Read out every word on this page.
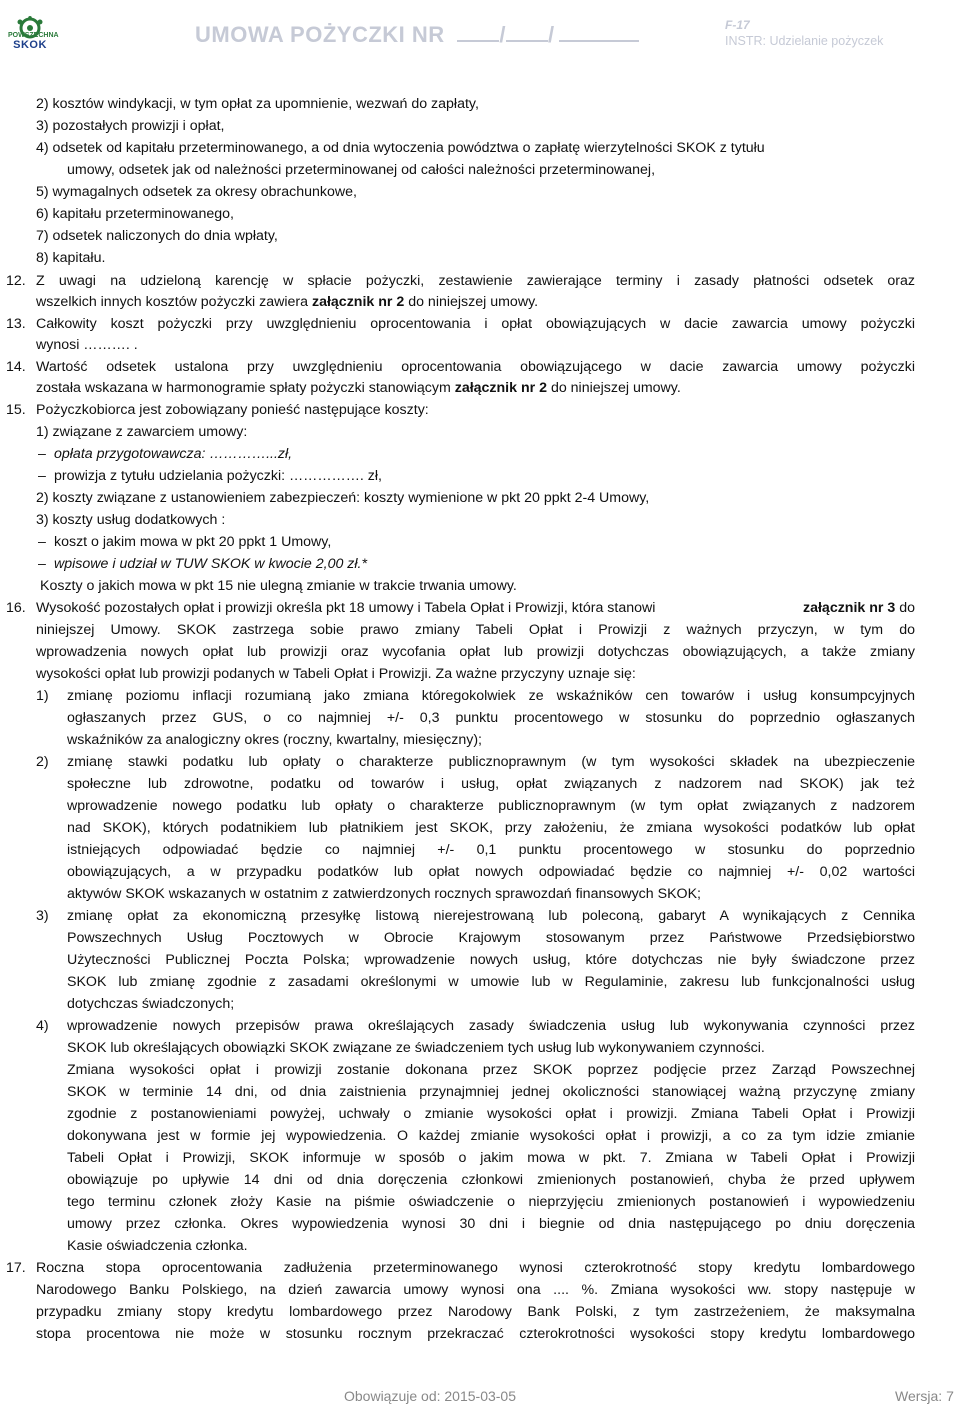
POWSZECHNA
SKOK	UMOWA POŻYCZKI NR / /	F-17
INSTR: Udzielanie pożyczek
2) kosztów windykacji, w tym opłat za upomnienie, wezwań do zapłaty,
3) pozostałych prowizji i opłat,
4) odsetek od kapitału przeterminowanego, a od dnia wytoczenia powództwa o zapłatę wierzytelności SKOK z tytułu
umowy, odsetek jak od należności przeterminowanej od całości należności przeterminowanej,
5) wymagalnych odsetek za okresy obrachunkowe,
6) kapitału przeterminowanego,
7) odsetek naliczonych do dnia wpłaty,
8) kapitału.
12. Z uwagi na udzieloną karencję w spłacie pożyczki, zestawienie zawierające terminy i zasady płatności odsetek oraz
wszelkich innych kosztów pożyczki zawiera załącznik nr 2 do niniejszej umowy.
13. Całkowity koszt pożyczki przy uwzględnieniu oprocentowania i opłat obowiązujących w dacie zawarcia umowy pożyczki
wynosi ………. .
14. Wartość odsetek ustalona przy uwzględnieniu oprocentowania obowiązującego w dacie zawarcia umowy pożyczki
została wskazana w harmonogramie spłaty pożyczki stanowiącym załącznik nr 2 do niniejszej umowy.
15. Pożyczkobiorca jest zobowiązany ponieść następujące koszty:
1) związane z zawarciem umowy:
– opłata przygotowawcza: …………...zł,
– prowizja z tytułu udzielania pożyczki: ……………. zł,
2) koszty związane z ustanowieniem zabezpieczeń: koszty wymienione w pkt 20 ppkt 2-4 Umowy,
3) koszty usług dodatkowych :
– koszt o jakim mowa w pkt 20 ppkt 1 Umowy,
– wpisowe i udział w TUW SKOK w kwocie 2,00 zł.*
Koszty o jakich mowa w pkt 15 nie ulegną zmianie w trakcie trwania umowy.
16. Wysokość pozostałych opłat i prowizji określa pkt 18 umowy i Tabela Opłat i Prowizji, która stanowi	załącznik nr 3 do
niniejszej Umowy. SKOK zastrzega sobie prawo zmiany Tabeli Opłat i Prowizji z ważnych przyczyn, w tym do
wprowadzenia nowych opłat lub prowizji oraz wycofania opłat lub prowizji dotychczas obowiązujących, a także zmiany
wysokości opłat lub prowizji podanych w Tabeli Opłat i Prowizji. Za ważne przyczyny uznaje się:
1) zmianę poziomu inflacji rozumianą jako zmiana któregokolwiek ze wskaźników cen towarów i usług konsumpcyjnych
ogłaszanych przez GUS, o co najmniej +/- 0,3 punktu procentowego w stosunku do poprzednio ogłaszanych
wskaźników za analogiczny okres (roczny, kwartalny, miesięczny);
2) zmianę stawki podatku lub opłaty o charakterze publicznoprawnym (w tym wysokości składek na ubezpieczenie
społeczne lub zdrowotne, podatku od towarów i usług, opłat związanych z nadzorem nad SKOK) jak też
wprowadzenie nowego podatku lub opłaty o charakterze publicznoprawnym (w tym opłat związanych z nadzorem
nad SKOK), których podatnikiem lub płatnikiem jest SKOK, przy założeniu, że zmiana wysokości podatków lub opłat
istniejących odpowiadać będzie co najmniej +/- 0,1 punktu procentowego w stosunku do poprzednio
obowiązujących, a w przypadku podatków lub opłat nowych odpowiadać będzie co najmniej +/- 0,02 wartości
aktywów SKOK wskazanych w ostatnim z zatwierdzonych rocznych sprawozdań finansowych SKOK;
3) zmianę opłat za ekonomiczną przesyłkę listową nierejestrowaną lub poleconą, gabaryt A wynikających z Cennika
Powszechnych Usług Pocztowych w Obrocie Krajowym stosowanym przez Państwowe Przedsiębiorstwo
Użyteczności Publicznej Poczta Polska; wprowadzenie nowych usług, które dotychczas nie były świadczone przez
SKOK lub zmianę zgodnie z zasadami określonymi w umowie lub w Regulaminie, zakresu lub funkcjonalności usług
dotychczas świadczonych;
4) wprowadzenie nowych przepisów prawa określających zasady świadczenia usług lub wykonywania czynności przez
SKOK lub określających obowiązki SKOK związane ze świadczeniem tych usług lub wykonywaniem czynności.
Zmiana wysokości opłat i prowizji zostanie dokonana przez SKOK poprzez podjęcie przez Zarząd Powszechnej
SKOK w terminie 14 dni, od dnia zaistnienia przynajmniej jednej okoliczności stanowiącej ważną przyczynę zmiany
zgodnie z postanowieniami powyżej, uchwały o zmianie wysokości opłat i prowizji. Zmiana Tabeli Opłat i Prowizji
dokonywana jest w formie jej wypowiedzenia. O każdej zmianie wysokości opłat i prowizji, a co za tym idzie zmianie
Tabeli Opłat i Prowizji, SKOK informuje w sposób o jakim mowa w pkt. 7. Zmiana w Tabeli Opłat i Prowizji
obowiązuje po upływie 14 dni od dnia doręczenia członkowi zmienionych postanowień, chyba że przed upływem
tego terminu członek złoży Kasie na piśmie oświadczenie o nieprzyjęciu zmienionych postanowień i wypowiedzeniu
umowy przez członka. Okres wypowiedzenia wynosi 30 dni i biegnie od dnia następującego po dniu doręczenia
Kasie oświadczenia członka.
17. Roczna stopa oprocentowania zadłużenia przeterminowanego wynosi czterokrotność stopy kredytu lombardowego
Narodowego Banku Polskiego, na dzień zawarcia umowy wynosi ona .... %. Zmiana wysokości ww. stopy następuje w
przypadku zmiany stopy kredytu lombardowego przez Narodowy Bank Polski, z tym zastrzeżeniem, że maksymalna
stopa procentowa nie może w stosunku rocznym przekraczać czterokrotności wysokości stopy kredytu lombardowego
Obowiązuje od: 2015-03-05	Wersja: 7
